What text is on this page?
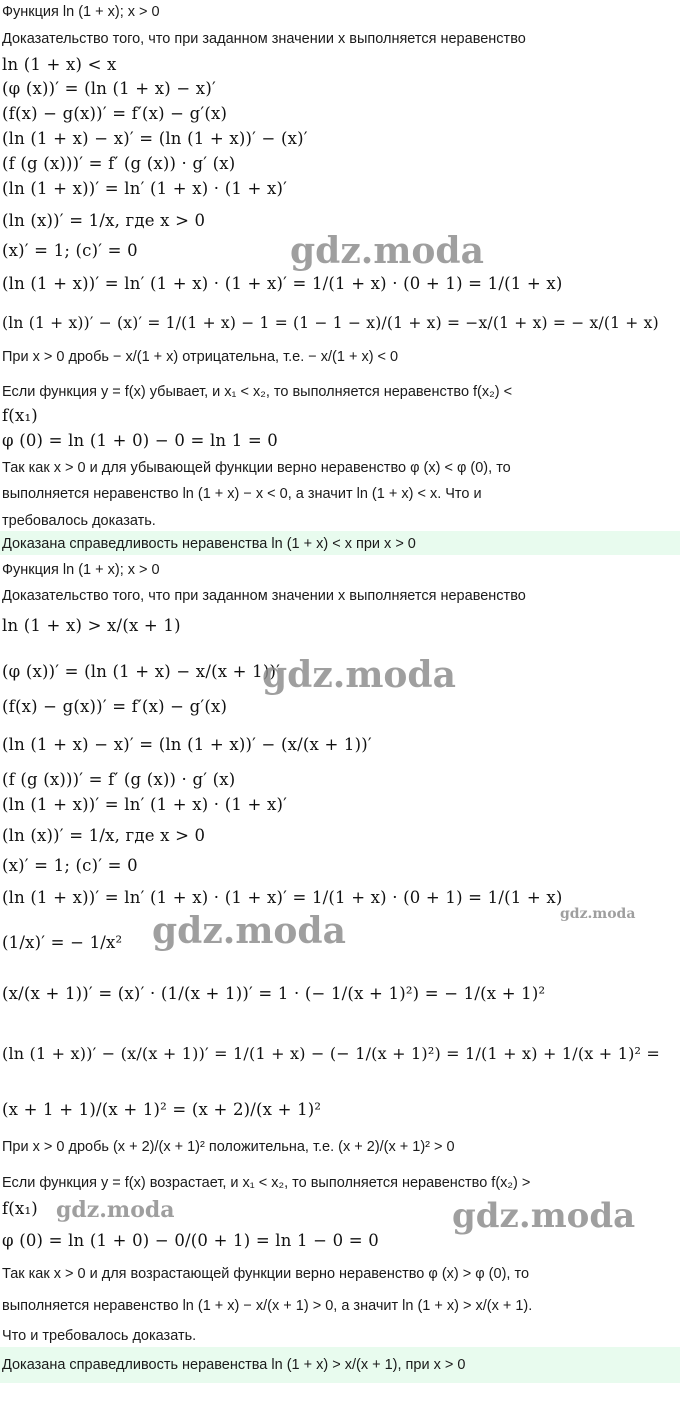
Функция ln (1 + x); x > 0
Доказательство того, что при заданном значении x выполняется неравенство
ln (1 + x) < x
(φ (x))′ = (ln (1 + x) − x)′
(f(x) − g(x))′ = f′(x) − g′(x)
(ln (1 + x) − x)′ = (ln (1 + x))′ − (x)′
(f (g (x)))′ = f′ (g (x)) · g′ (x)
(ln (1 + x))′ = ln′ (1 + x) · (1 + x)′
(ln (x))′ = 1/x, где x > 0
(x)′ = 1; (c)′ = 0
(ln (1 + x))′ = ln′ (1 + x) · (1 + x)′ = 1/(1 + x) · (0 + 1) = 1/(1 + x)
(ln (1 + x))′ − (x)′ = 1/(1 + x) − 1 = (1 − 1 − x)/(1 + x) = −x/(1 + x) = − x/(1 + x)
При x > 0 дробь − x/(1 + x) отрицательна, т.е. − x/(1 + x) < 0
Если функция y = f(x) убывает, и x₁ < x₂, то выполняется неравенство f(x₂) <
f(x₁)
φ (0) = ln (1 + 0) − 0 = ln 1 = 0
Так как x > 0 и для убывающей функции верно неравенство φ (x) < φ (0), то
выполняется неравенство ln (1 + x) − x < 0, а значит ln (1 + x) < x. Что и
требовалось доказать.
Доказана справедливость неравенства ln (1 + x) < x при x > 0
Функция ln (1 + x); x > 0
Доказательство того, что при заданном значении x выполняется неравенство
ln (1 + x) > x/(x + 1)
(φ (x))′ = (ln (1 + x) − x/(x + 1))′
(f(x) − g(x))′ = f′(x) − g′(x)
(ln (1 + x) − x)′ = (ln (1 + x))′ − (x/(x + 1))′
(f (g (x)))′ = f′ (g (x)) · g′ (x)
(ln (1 + x))′ = ln′ (1 + x) · (1 + x)′
(ln (x))′ = 1/x, где x > 0
(x)′ = 1; (c)′ = 0
(ln (1 + x))′ = ln′ (1 + x) · (1 + x)′ = 1/(1 + x) · (0 + 1) = 1/(1 + x)
(1/x)′ = − 1/x²
(x/(x + 1))′ = (x)′ · (1/(x + 1))′ = 1 · (− 1/(x + 1)²) = − 1/(x + 1)²
(ln (1 + x))′ − (x/(x + 1))′ = 1/(1 + x) − (− 1/(x + 1)²) = 1/(1 + x) + 1/(x + 1)² =
(x + 1 + 1)/(x + 1)² = (x + 2)/(x + 1)²
При x > 0 дробь (x + 2)/(x + 1)² положительна, т.е. (x + 2)/(x + 1)² > 0
Если функция y = f(x) возрастает, и x₁ < x₂, то выполняется неравенство f(x₂) >
f(x₁)
φ (0) = ln (1 + 0) − 0/(0 + 1) = ln 1 − 0 = 0
Так как x > 0 и для возрастающей функции верно неравенство φ (x) > φ (0), то
выполняется неравенство ln (1 + x) − x/(x + 1) > 0, а значит ln (1 + x) > x/(x + 1).
Что и требовалось доказать.
Доказана справедливость неравенства ln (1 + x) > x/(x + 1), при x > 0
gdz.moda
gdz.moda
gdz.moda
gdz.moda
gdz.moda	gdz.moda
